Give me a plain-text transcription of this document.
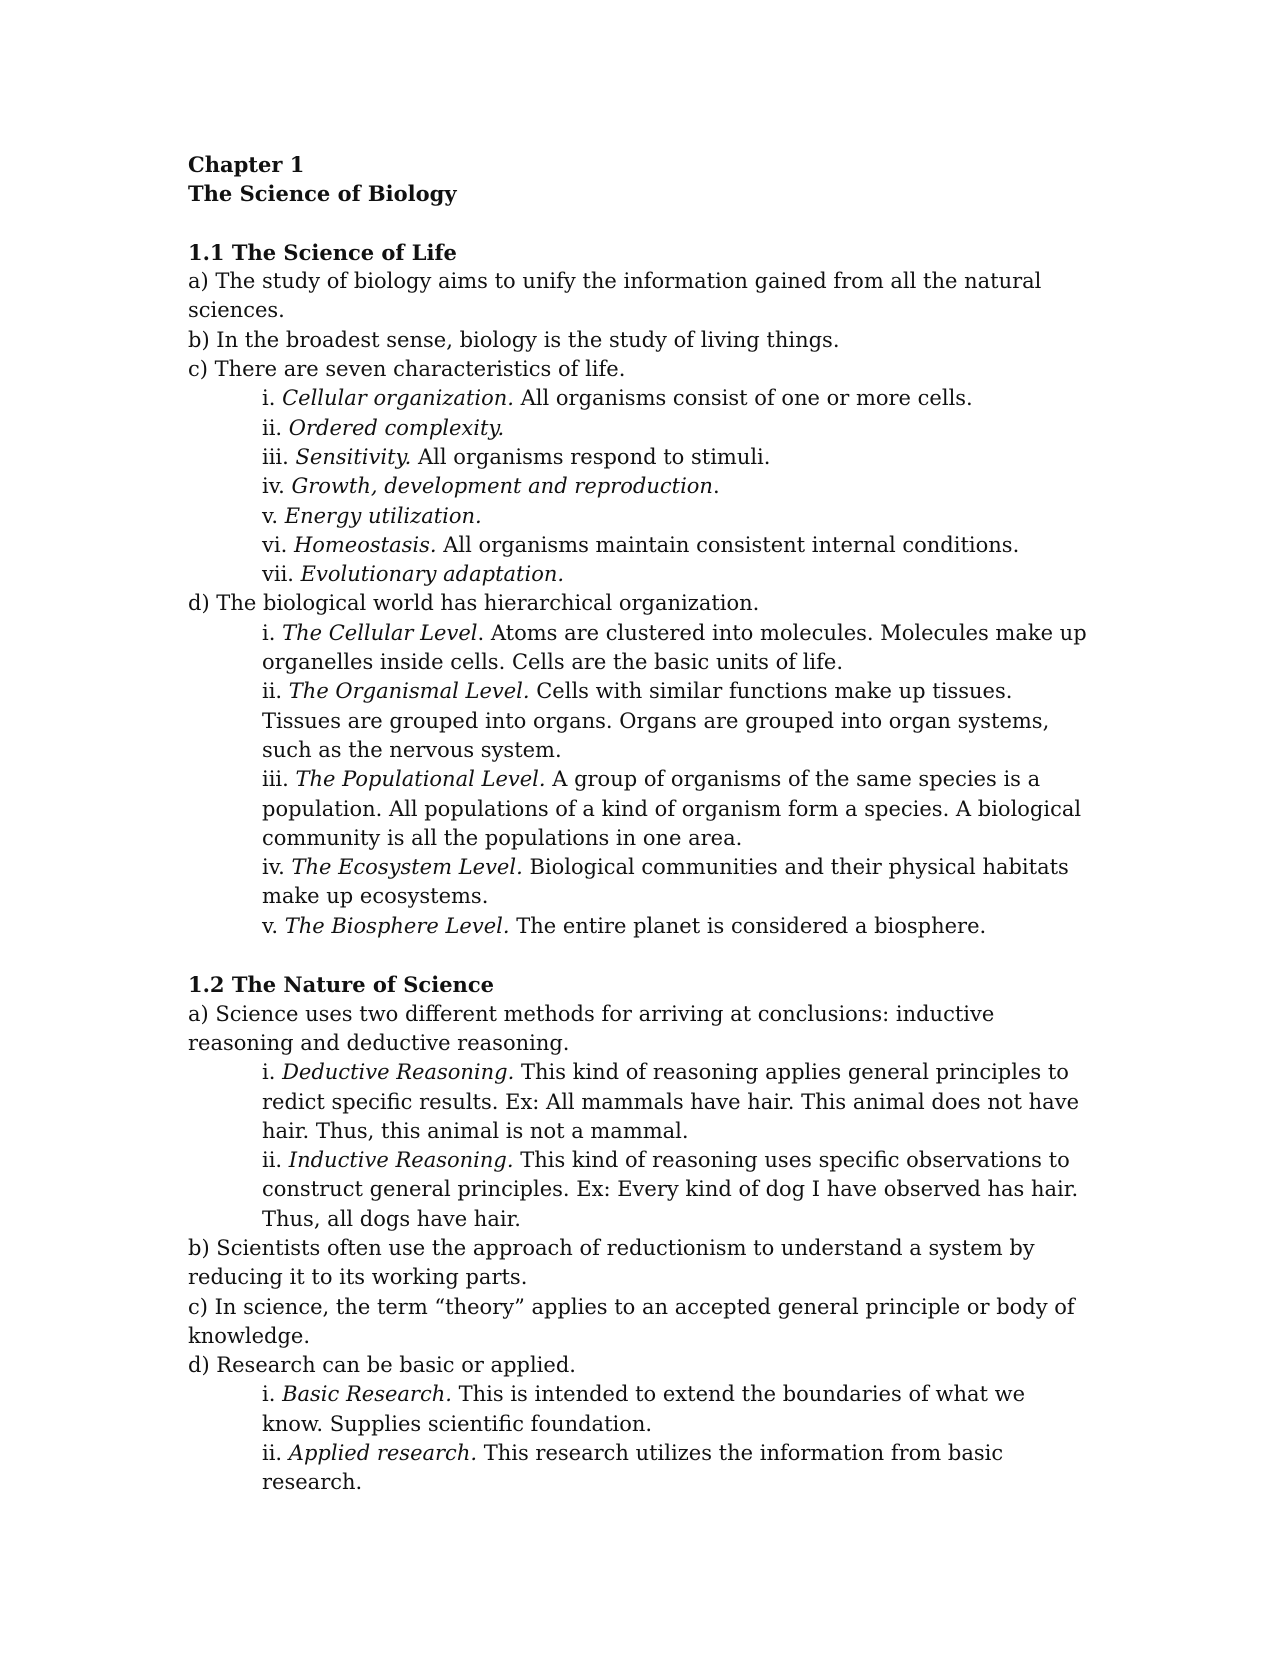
Chapter 1

The Science of Biology

1.1 The Science of Life

a) The study of biology aims to unify the information gained from all the natural sciences.

b) In the broadest sense, biology is the study of living things.

c) There are seven characteristics of life.

i. Cellular organization. All organisms consist of one or more cells.

ii. Ordered complexity.

iii. Sensitivity. All organisms respond to stimuli.

iv. Growth, development and reproduction.

v. Energy utilization.

vi. Homeostasis. All organisms maintain consistent internal conditions.

vii. Evolutionary adaptation.

d) The biological world has hierarchical organization.

i. The Cellular Level. Atoms are clustered into molecules. Molecules make up organelles inside cells. Cells are the basic units of life.

ii. The Organismal Level. Cells with similar functions make up tissues. Tissues are grouped into organs. Organs are grouped into organ systems, such as the nervous system.

iii. The Populational Level. A group of organisms of the same species is a population. All populations of a kind of organism form a species. A biological community is all the populations in one area.

iv. The Ecosystem Level. Biological communities and their physical habitats make up ecosystems.

v. The Biosphere Level. The entire planet is considered a biosphere.

1.2 The Nature of Science

a) Science uses two different methods for arriving at conclusions: inductive reasoning and deductive reasoning.

i. Deductive Reasoning. This kind of reasoning applies general principles to redict specific results. Ex: All mammals have hair. This animal does not have hair. Thus, this animal is not a mammal.

ii. Inductive Reasoning. This kind of reasoning uses specific observations to construct general principles. Ex: Every kind of dog I have observed has hair. Thus, all dogs have hair.

b) Scientists often use the approach of reductionism to understand a system by reducing it to its working parts.

c) In science, the term “theory” applies to an accepted general principle or body of knowledge.

d) Research can be basic or applied.

i. Basic Research. This is intended to extend the boundaries of what we know. Supplies scientific foundation.

ii. Applied research. This research utilizes the information from basic research.
